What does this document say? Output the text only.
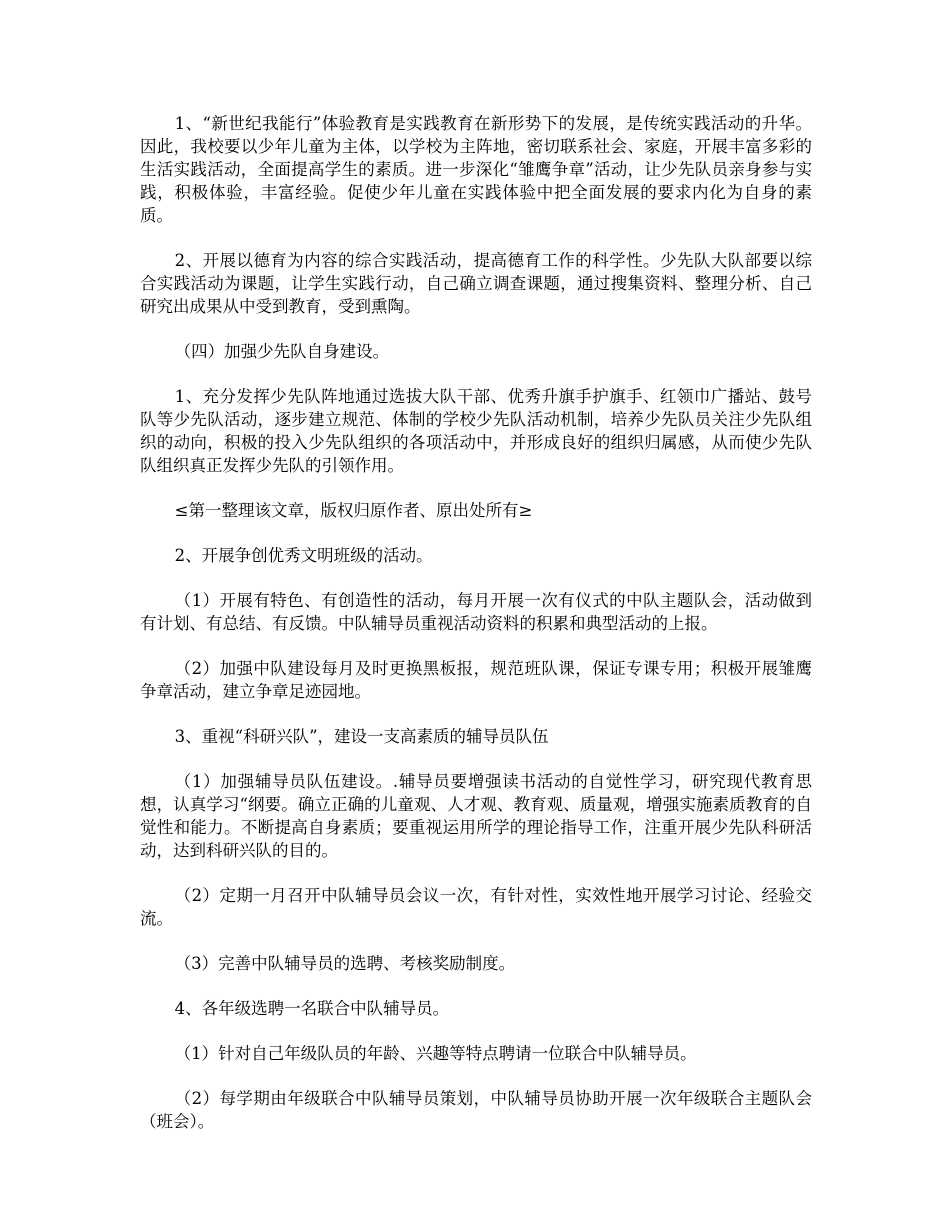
1、“新世纪我能行”体验教育是实践教育在新形势下的发展，是传统实践活动的升华。因此，我校要以少年儿童为主体，以学校为主阵地，密切联系社会、家庭，开展丰富多彩的生活实践活动，全面提高学生的素质。进一步深化“雏鹰争章”活动，让少先队员亲身参与实践，积极体验，丰富经验。促使少年儿童在实践体验中把全面发展的要求内化为自身的素质。

2、开展以德育为内容的综合实践活动，提高德育工作的科学性。少先队大队部要以综合实践活动为课题，让学生实践行动，自己确立调查课题，通过搜集资料、整理分析、自己研究出成果从中受到教育，受到熏陶。

（四）加强少先队自身建设。

1、充分发挥少先队阵地通过选拔大队干部、优秀升旗手护旗手、红领巾广播站、鼓号队等少先队活动，逐步建立规范、体制的学校少先队活动机制，培养少先队员关注少先队组织的动向，积极的投入少先队组织的各项活动中，并形成良好的组织归属感，从而使少先队队组织真正发挥少先队的引领作用。

≤第一整理该文章，版权归原作者、原出处所有≥

2、开展争创优秀文明班级的活动。

（1）开展有特色、有创造性的活动，每月开展一次有仪式的中队主题队会，活动做到有计划、有总结、有反馈。中队辅导员重视活动资料的积累和典型活动的上报。

（2）加强中队建设每月及时更换黑板报，规范班队课，保证专课专用；积极开展雏鹰争章活动，建立争章足迹园地。

3、重视“科研兴队”，建设一支高素质的辅导员队伍

（1）加强辅导员队伍建设。.辅导员要增强读书活动的自觉性学习，研究现代教育思想，认真学习“纲要。确立正确的儿童观、人才观、教育观、质量观，增强实施素质教育的自觉性和能力。不断提高自身素质；要重视运用所学的理论指导工作，注重开展少先队科研活动，达到科研兴队的目的。

（2）定期一月召开中队辅导员会议一次，有针对性，实效性地开展学习讨论、经验交流。

（3）完善中队辅导员的选聘、考核奖励制度。

4、各年级选聘一名联合中队辅导员。

（1）针对自己年级队员的年龄、兴趣等特点聘请一位联合中队辅导员。

（2）每学期由年级联合中队辅导员策划，中队辅导员协助开展一次年级联合主题队会（班会）。
